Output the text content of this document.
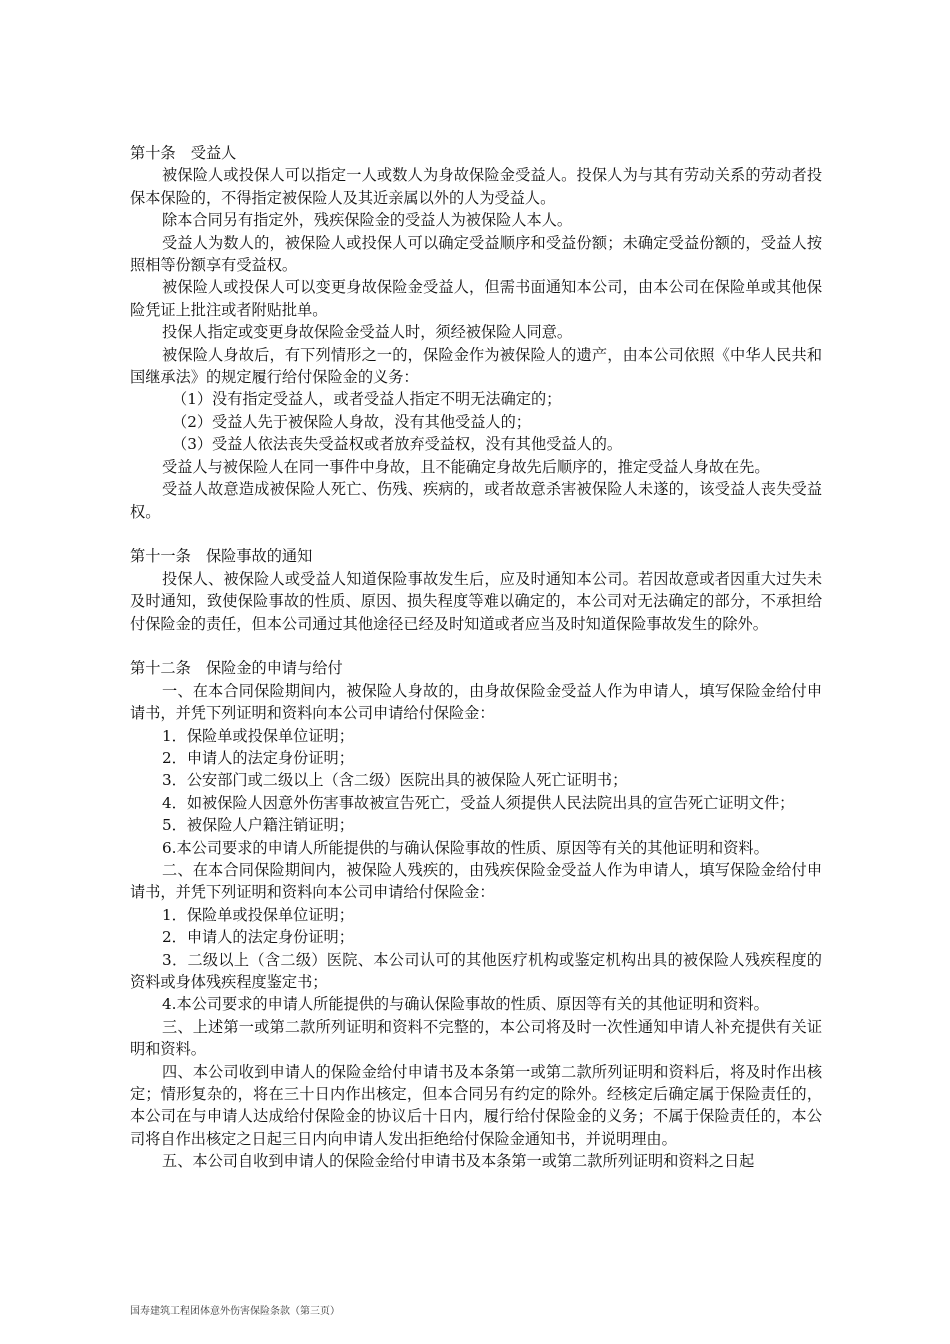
第十条　受益人

被保险人或投保人可以指定一人或数人为身故保险金受益人。投保人为与其有劳动关系的劳动者投保本保险的，不得指定被保险人及其近亲属以外的人为受益人。

除本合同另有指定外，残疾保险金的受益人为被保险人本人。

受益人为数人的，被保险人或投保人可以确定受益顺序和受益份额；未确定受益份额的，受益人按照相等份额享有受益权。

被保险人或投保人可以变更身故保险金受益人，但需书面通知本公司，由本公司在保险单或其他保险凭证上批注或者附贴批单。

投保人指定或变更身故保险金受益人时，须经被保险人同意。

被保险人身故后，有下列情形之一的，保险金作为被保险人的遗产，由本公司依照《中华人民共和国继承法》的规定履行给付保险金的义务：

（1）没有指定受益人，或者受益人指定不明无法确定的；

（2）受益人先于被保险人身故，没有其他受益人的；

（3）受益人依法丧失受益权或者放弃受益权，没有其他受益人的。

受益人与被保险人在同一事件中身故，且不能确定身故先后顺序的，推定受益人身故在先。

受益人故意造成被保险人死亡、伤残、疾病的，或者故意杀害被保险人未遂的，该受益人丧失受益权。

第十一条　保险事故的通知

投保人、被保险人或受益人知道保险事故发生后，应及时通知本公司。若因故意或者因重大过失未及时通知，致使保险事故的性质、原因、损失程度等难以确定的，本公司对无法确定的部分，不承担给付保险金的责任，但本公司通过其他途径已经及时知道或者应当及时知道保险事故发生的除外。

第十二条　保险金的申请与给付

一、在本合同保险期间内，被保险人身故的，由身故保险金受益人作为申请人，填写保险金给付申请书，并凭下列证明和资料向本公司申请给付保险金：

1．保险单或投保单位证明；

2．申请人的法定身份证明；

3．公安部门或二级以上（含二级）医院出具的被保险人死亡证明书；

4．如被保险人因意外伤害事故被宣告死亡，受益人须提供人民法院出具的宣告死亡证明文件；

5．被保险人户籍注销证明；

6.本公司要求的申请人所能提供的与确认保险事故的性质、原因等有关的其他证明和资料。

二、在本合同保险期间内，被保险人残疾的，由残疾保险金受益人作为申请人，填写保险金给付申请书，并凭下列证明和资料向本公司申请给付保险金：

1．保险单或投保单位证明；

2．申请人的法定身份证明；

3．二级以上（含二级）医院、本公司认可的其他医疗机构或鉴定机构出具的被保险人残疾程度的资料或身体残疾程度鉴定书；

4.本公司要求的申请人所能提供的与确认保险事故的性质、原因等有关的其他证明和资料。

三、上述第一或第二款所列证明和资料不完整的，本公司将及时一次性通知申请人补充提供有关证明和资料。

四、本公司收到申请人的保险金给付申请书及本条第一或第二款所列证明和资料后，将及时作出核定；情形复杂的，将在三十日内作出核定，但本合同另有约定的除外。经核定后确定属于保险责任的，本公司在与申请人达成给付保险金的协议后十日内，履行给付保险金的义务；不属于保险责任的，本公司将自作出核定之日起三日内向申请人发出拒绝给付保险金通知书，并说明理由。

五、本公司自收到申请人的保险金给付申请书及本条第一或第二款所列证明和资料之日起

国寿建筑工程团体意外伤害保险条款（第三页）
